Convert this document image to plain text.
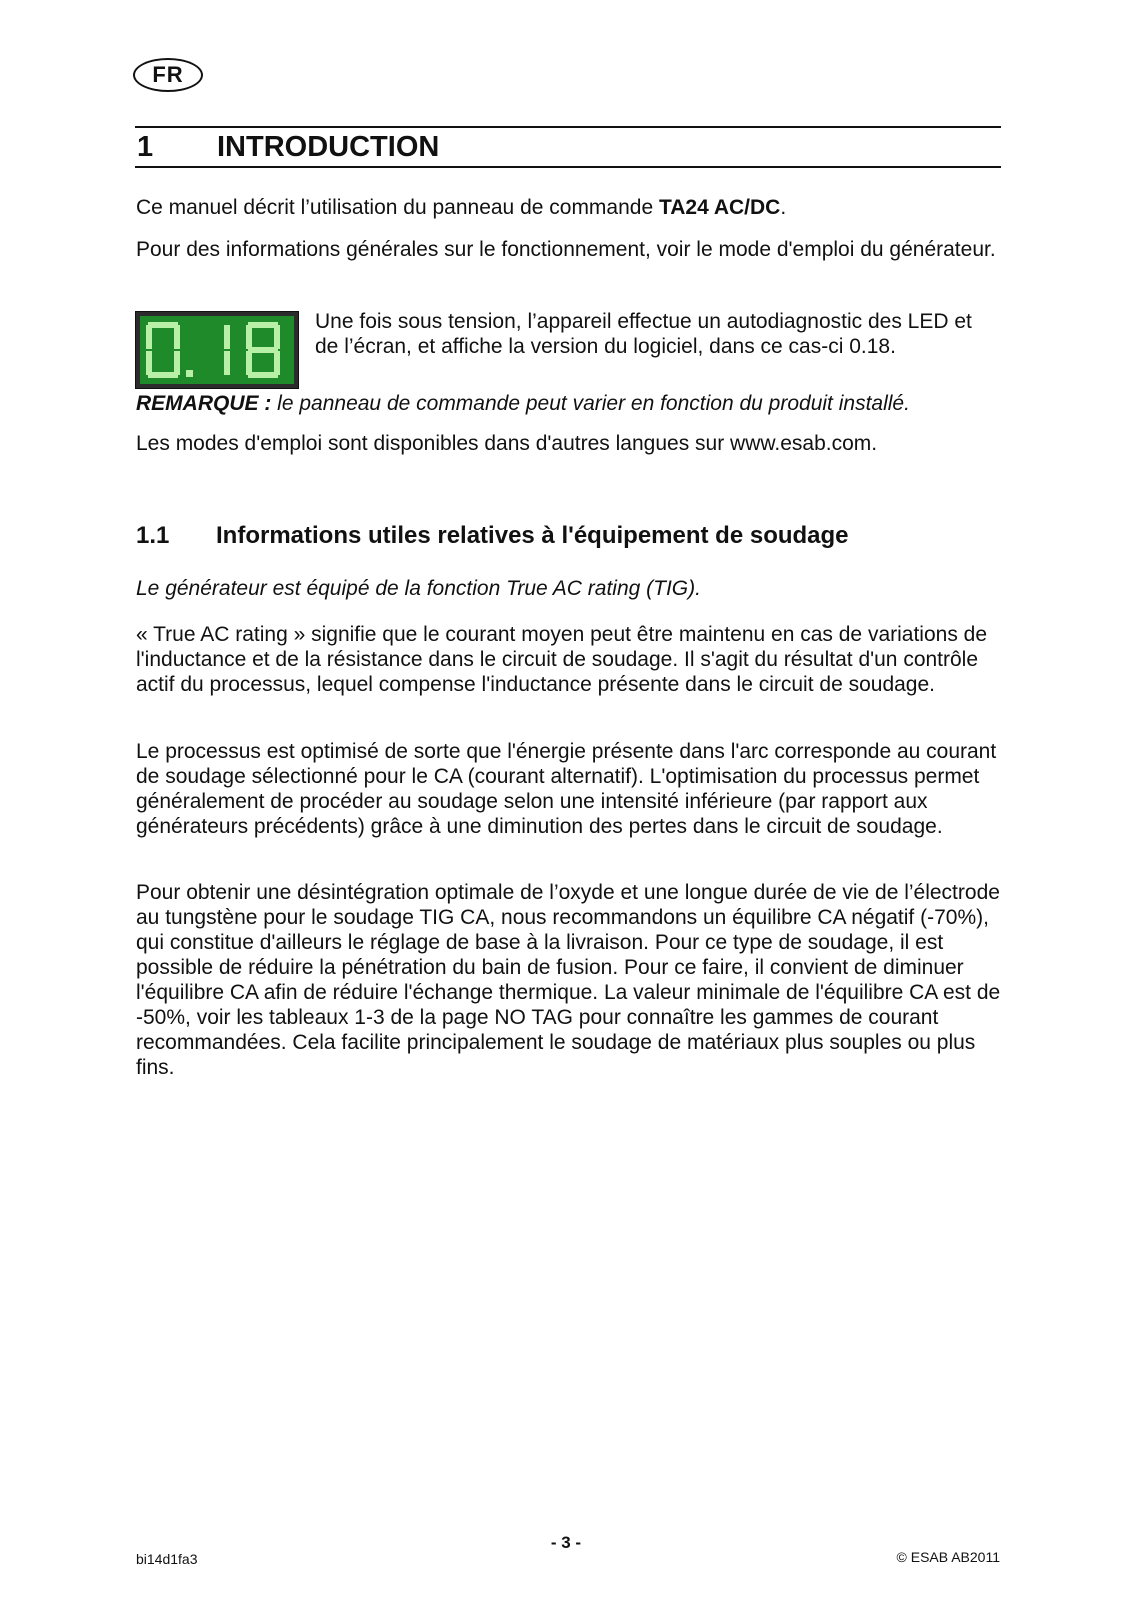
FR
1 INTRODUCTION

Ce manuel décrit l’utilisation du panneau de commande TA24 AC/DC.

Pour des informations générales sur le fonctionnement, voir le mode d'emploi du générateur.

Une fois sous tension, l’appareil effectue un autodiagnostic des LED et de l’écran, et affiche la version du logiciel, dans ce cas-ci 0.18.

REMARQUE : le panneau de commande peut varier en fonction du produit installé.

Les modes d'emploi sont disponibles dans d'autres langues sur www.esab.com.

1.1 Informations utiles relatives à l'équipement de soudage

Le générateur est équipé de la fonction True AC rating (TIG).

« True AC rating » signifie que le courant moyen peut être maintenu en cas de variations de l'inductance et de la résistance dans le circuit de soudage. Il s'agit du résultat d'un contrôle actif du processus, lequel compense l'inductance présente dans le circuit de soudage.

Le processus est optimisé de sorte que l'énergie présente dans l'arc corresponde au courant de soudage sélectionné pour le CA (courant alternatif). L'optimisation du processus permet généralement de procéder au soudage selon une intensité inférieure (par rapport aux générateurs précédents) grâce à une diminution des pertes dans le circuit de soudage.

Pour obtenir une désintégration optimale de l’oxyde et une longue durée de vie de l’électrode au tungstène pour le soudage TIG CA, nous recommandons un équilibre CA négatif (-70%), qui constitue d'ailleurs le réglage de base à la livraison. Pour ce type de soudage, il est possible de réduire la pénétration du bain de fusion. Pour ce faire, il convient de diminuer l'équilibre CA afin de réduire l'échange thermique. La valeur minimale de l'équilibre CA est de -50%, voir les tableaux 1-3 de la page NO TAG pour connaître les gammes de courant recommandées. Cela facilite principalement le soudage de matériaux plus souples ou plus fins.

- 3 -
bi14d1fa3	© ESAB AB2011
